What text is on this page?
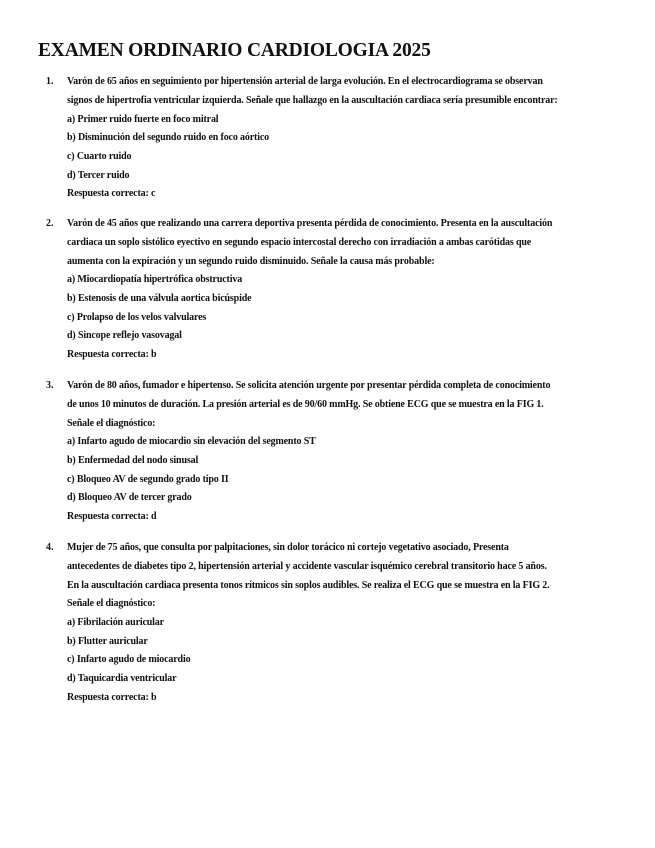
EXAMEN ORDINARIO CARDIOLOGIA 2025
1. Varón de 65 años en seguimiento por hipertensión arterial de larga evolución. En el electrocardiograma se observan
signos de hipertrofia ventricular izquierda. Señale que hallazgo en la auscultación cardiaca sería presumible encontrar:
a) Primer ruido fuerte en foco mitral
b) Disminución del segundo ruido en foco aórtico
c) Cuarto ruido
d) Tercer ruido
Respuesta correcta: c
2. Varón de 45 años que realizando una carrera deportiva presenta pérdida de conocimiento. Presenta en la auscultación
cardiaca un soplo sistólico eyectivo en segundo espacio intercostal derecho con irradiación a ambas carótidas que
aumenta con la expiración y un segundo ruido disminuido. Señale la causa más probable:
a) Miocardiopatía hipertrófica obstructiva
b) Estenosis de una válvula aortica bicúspide
c) Prolapso de los velos valvulares
d) Sincope reflejo vasovagal
Respuesta correcta: b
3. Varón de 80 años, fumador e hipertenso. Se solicita atención urgente por presentar pérdida completa de conocimiento
de unos 10 minutos de duración. La presión arterial es de 90/60 mmHg. Se obtiene ECG que se muestra en la FIG 1.
Señale el diagnóstico:
a) Infarto agudo de miocardio sin elevación del segmento ST
b) Enfermedad del nodo sinusal
c) Bloqueo AV de segundo grado tipo II
d) Bloqueo AV de tercer grado
Respuesta correcta: d
4. Mujer de 75 años, que consulta por palpitaciones, sin dolor torácico ni cortejo vegetativo asociado, Presenta
antecedentes de diabetes tipo 2, hipertensión arterial y accidente vascular isquémico cerebral transitorio hace 5 años.
En la auscultación cardiaca presenta tonos rítmicos sin soplos audibles. Se realiza el ECG que se muestra en la FIG 2.
Señale el diagnóstico:
a) Fibrilación auricular
b) Flutter auricular
c) Infarto agudo de miocardio
d) Taquicardia ventricular
Respuesta correcta: b
